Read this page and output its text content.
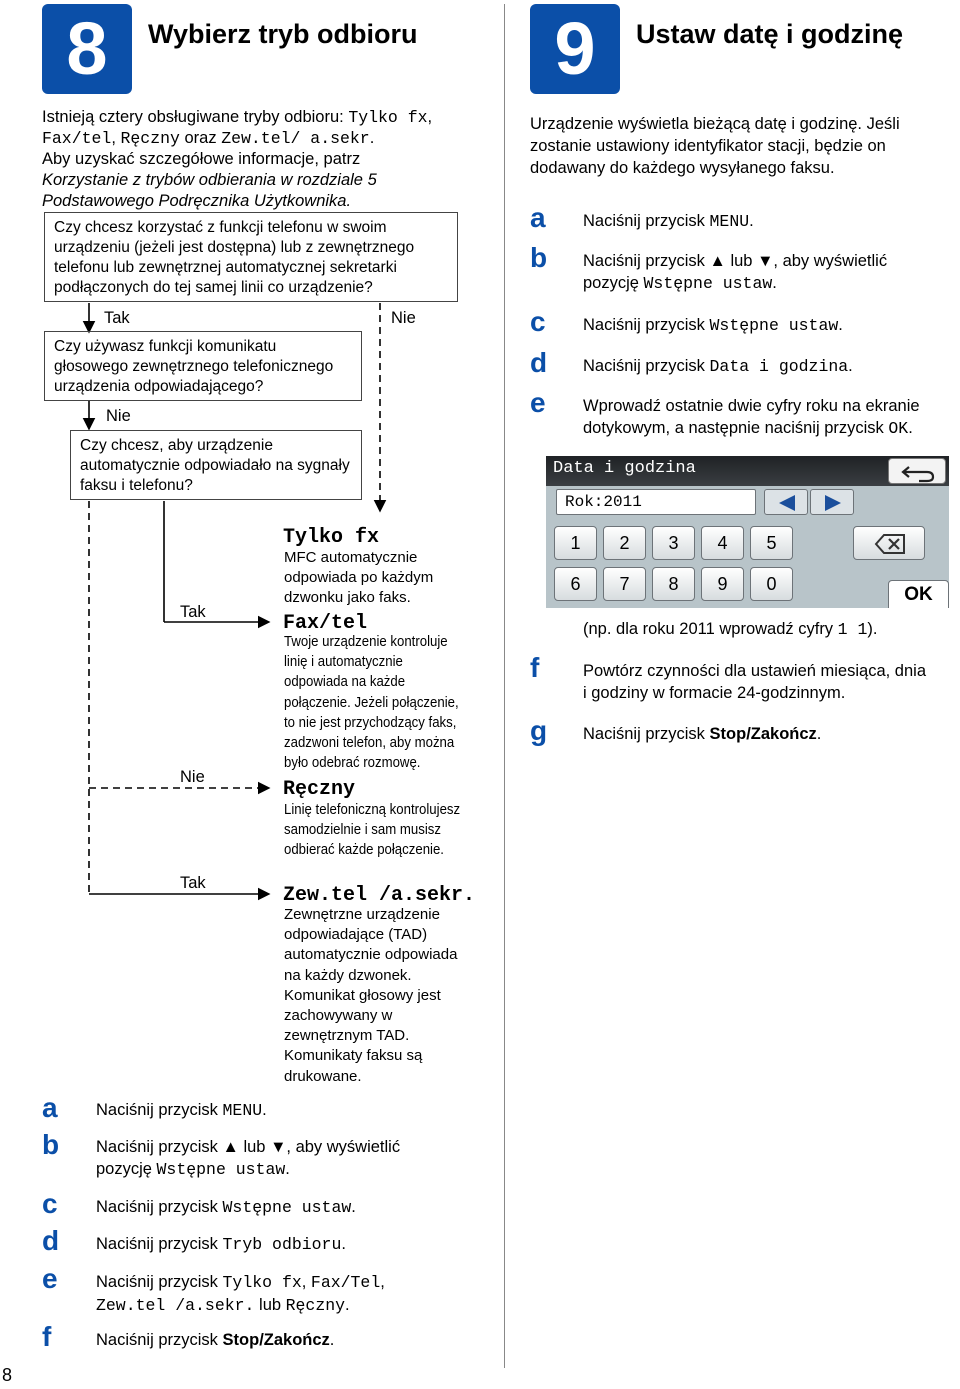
8
8	Wybierz tryb odbioru
Istnieją cztery obsługiwane tryby odbioru: Tylko fx,
Fax/tel, Ręczny oraz Zew.tel/ a.sekr.
Aby uzyskać szczegółowe informacje, patrz
Korzystanie z trybów odbierania w rozdziale 5
Podstawowego Podręcznika Użytkownika.
Czy chcesz korzystać z funkcji telefonu w swoim urządzeniu (jeżeli jest dostępna) lub z zewnętrznego telefonu lub zewnętrznej automatycznej sekretarki podłączonych do tej samej linii co urządzenie?
Tak	Nie
Czy używasz funkcji komunikatu głosowego zewnętrznego telefonicznego urządzenia odpowiadającego?
Nie
Czy chcesz, aby urządzenie automatycznie odpowiadało na sygnały faksu i telefonu?
Tak
Nie
Tak
Tylko fx
MFC automatycznie odpowiada po każdym dzwonku jako faks.
Fax/tel
Twoje urządzenie kontroluje linię i automatycznie odpowiada na każde połączenie. Jeżeli połączenie, to nie jest przychodzący faks, zadzwoni telefon, aby można było odebrać rozmowę.
Ręczny
Linię telefoniczną kontrolujesz samodzielnie i sam musisz odbierać każde połączenie.
Zew.tel /a.sekr.
Zewnętrzne urządzenie odpowiadające (TAD) automatycznie odpowiada na każdy dzwonek. Komunikat głosowy jest zachowywany w zewnętrznym TAD. Komunikaty faksu są drukowane.
a Naciśnij przycisk MENU.
b Naciśnij przycisk ▲ lub ▼, aby wyświetlić
pozycję Wstępne ustaw.
c Naciśnij przycisk Wstępne ustaw.
d Naciśnij przycisk Tryb odbioru.
e Naciśnij przycisk Tylko fx, Fax/Tel,
Zew.tel /a.sekr. lub Ręczny.
f	Naciśnij przycisk Stop/Zakończ.
9	Ustaw datę i godzinę
Urządzenie wyświetla bieżącą datę i godzinę. Jeśli zostanie ustawiony identyfikator stacji, będzie on dodawany do każdego wysyłanego faksu.
a Naciśnij przycisk MENU.
b Naciśnij przycisk ▲ lub ▼, aby wyświetlić
pozycję Wstępne ustaw.
c Naciśnij przycisk Wstępne ustaw.
d Naciśnij przycisk Data i godzina.
e Wprowadź ostatnie dwie cyfry roku na ekranie
dotykowym, a następnie naciśnij przycisk OK.
Data i godzina
Rok:2011
1	2	3	4	5
6	7	8	9	0	OK
(np. dla roku 2011 wprowadź cyfry 1 1).
f	Powtórz czynności dla ustawień miesiąca, dnia
i godziny w formacie 24-godzinnym.
g Naciśnij przycisk Stop/Zakończ.
